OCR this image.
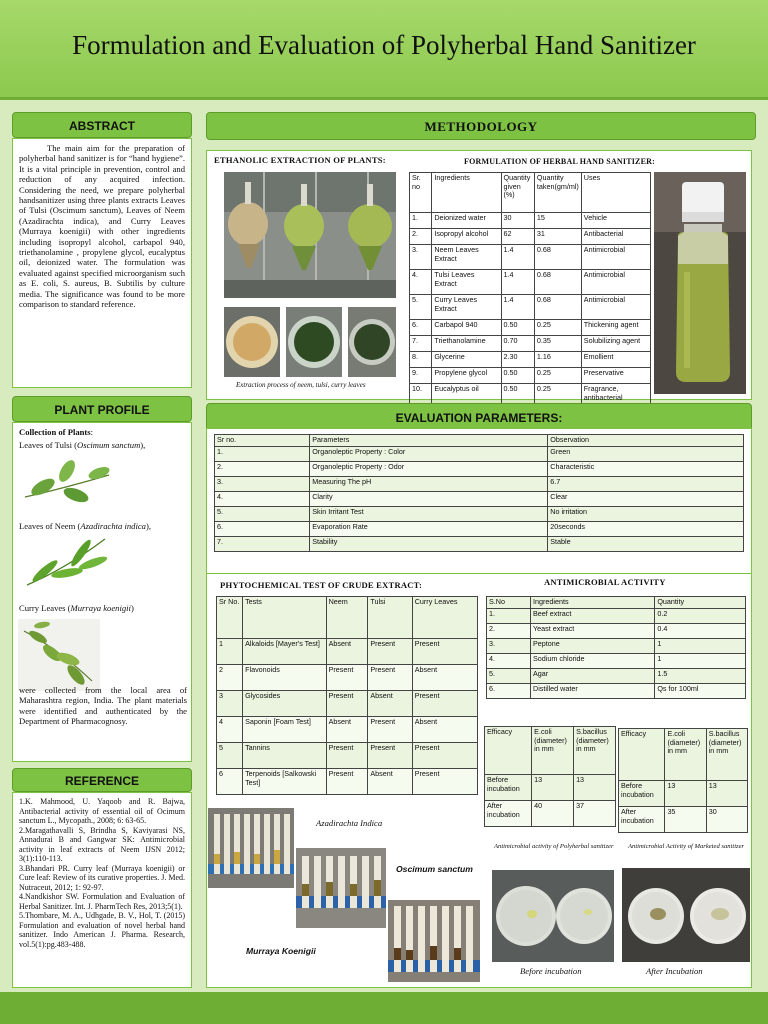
Formulation and Evaluation of Polyherbal Hand Sanitizer
ABSTRACT
The main aim for the preparation of polyherbal hand sanitizer is for “hand hygiene”. It is a vital principle in prevention, control and reduction of any acquired infection. Considering the need, we prepare polyherbal handsanitizer using three plants extracts Leaves of Tulsi (Oscimum sanctum), Leaves of Neem (Azadirachta indica), and Curry Leaves (Murraya koenigii) with other ingredients including isopropyl alcohol, carbapol 940, triethanolamine , propylene glycol, eucalyptus oil, deionized water. The formulation was evaluated against specified microorganism such as E. coli, S. aureus, B. Subtilis by culture media. The significance was found to be more comparison to standard reference.
PLANT PROFILE
Collection of Plants:
Leaves of Tulsi (Oscimum sanctum),
Leaves of Neem (Azadirachta indica),
Curry Leaves (Murraya koenigii)
were collected from the local area of Maharashtra region, India. The plant materials were identified and authenticated by the Department of Pharmacognosy.
REFERENCE
1.K. Mahmood, U. Yaqoob and R. Bajwa, Antibacterial activity of essential oil of Ocimum sanctum L., Mycopath., 2008; 6: 63-65.
2.Maragathavalli S, Brindha S, Kaviyarasi NS, Annadurai B and Gangwar SK: Antimicrobial activity in leaf extracts of Neem IJSN 2012; 3(1):110-113.
3.Bhandari PR. Curry leaf (Murraya koenigii) or Cure leaf: Review of its curative properties. J. Med. Nutraceut, 2012; 1: 92-97.
4.Nandkishor SW. Formulation and Evaluation of Herbal Sanitizer. Int. J. PharmTech Res, 2013;5(1).
5.Thombare, M. A., Udhgade, B. V., Hol, T. (2015) Formulation and evaluation of novel herbal hand sanitizer. Indo American J. Pharma. Research, vol.5(1):pg.483-488.
METHODOLOGY
ETHANOLIC EXTRACTION OF PLANTS:
Extraction process of neem, tulsi, curry leaves
FORMULATION OF HERBAL HAND SANITIZER:
Sr. no	Ingredients	Quantity given (%)	Quantity taken(gm/ml)	Uses
1.	Deionized water	30	15	Vehicle
2.	Isopropyl alcohol	62	31	Antibacterial
3.	Neem Leaves Extract	1.4	0.68	Antimicrobial
4.	Tulsi Leaves Extract	1.4	0.68	Antimicrobial
5.	Curry Leaves Extract	1.4	0.68	Antimicrobial
6.	Carbapol 940	0.50	0.25	Thickening agent
7.	Triethanolamine	0.70	0.35	Solubilizing agent
8.	Glycerine	2.30	1.16	Emollient
9.	Propylene glycol	0.50	0.25	Preservative
10.	Eucalyptus oil	0.50	0.25	Fragrance, antibacterial
EVALUATION PARAMETERS:
Sr no.	Parameters	Observation
1.	Organoleptic Property : Color	Green
2.	Organoleptic Property : Odor	Characteristic
3.	Measuring The pH	6.7
4.	Clarity	Clear
5.	Skin Irritant Test	No irritation
6.	Evaporation Rate	20seconds
7.	Stability	Stable
PHYTOCHEMICAL TEST OF CRUDE EXTRACT:
Sr No.	Tests	Neem	Tulsi	Curry Leaves
1	Alkaloids [Mayer's Test]	Absent	Present	Present
2	Flavonoids	Present	Present	Absent
3	Glycosides	Present	Absent	Present
4	Saponin [Foam Test]	Absent	Present	Absent
5	Tannins	Present	Present	Present
6	Terpenoids [Salkowski Test]	Present	Absent	Present
Azadirachta Indica
Oscimum sanctum
Murraya Koenigii
ANTIMICROBIAL ACTIVITY
S.No	Ingredients	Quantity
1.	Beef extract	0.2
2.	Yeast extract	0.4
3.	Peptone	1
4.	Sodium chloride	1
5.	Agar	1.5
6.	Distilled water	Qs for 100ml
Efficacy	E.coli (diameter) in mm	S.bacillus (diameter) in mm
Before incubation	13	13
After incubation	40	37
Antimicrobial activity of Polyherbal sanitizer
Efficacy	E.coli (diameter) in mm	S.bacillus (diameter) in mm
Before incubation	13	13
After incubation	35	30
Antimicrobial Activity of Marketed sanitizer
Before incubation	After Incubation
